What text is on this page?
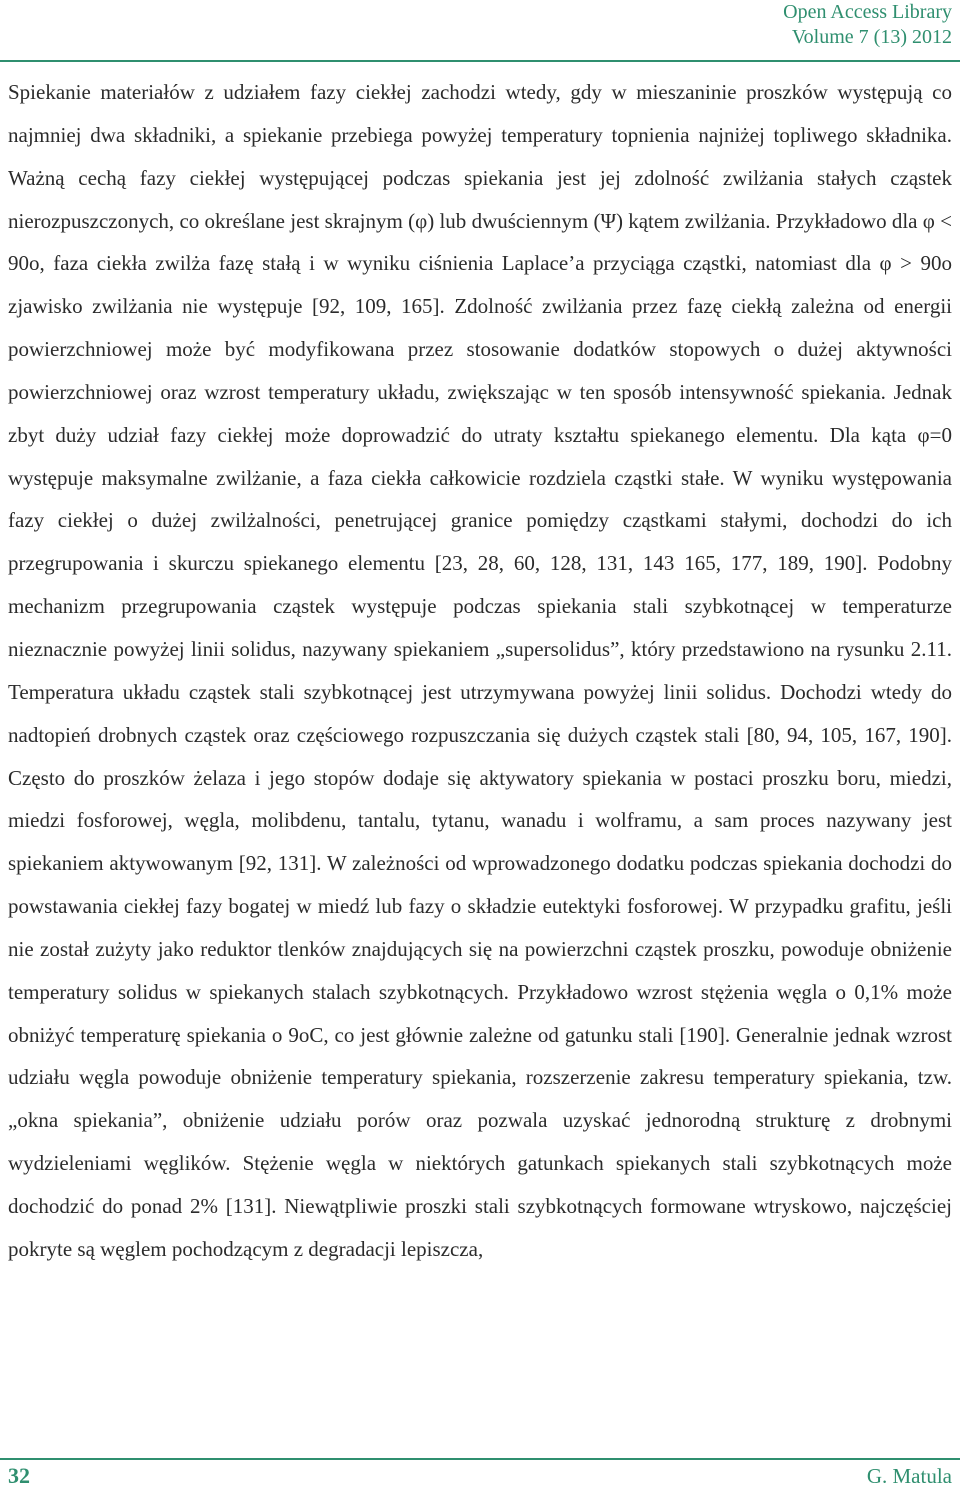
Open Access Library
Volume 7 (13) 2012

Spiekanie materiałów z udziałem fazy ciekłej zachodzi wtedy, gdy w mieszaninie proszków występują co najmniej dwa składniki, a spiekanie przebiega powyżej temperatury topnienia najniżej topliwego składnika. Ważną cechą fazy ciekłej występującej podczas spiekania jest jej zdolność zwilżania stałych cząstek nierozpuszczonych, co określane jest skrajnym (φ) lub dwuściennym (Ψ) kątem zwilżania. Przykładowo dla φ < 90o, faza ciekła zwilża fazę stałą i w wyniku ciśnienia Laplace’a przyciąga cząstki, natomiast dla φ > 90o zjawisko zwilżania nie występuje [92, 109, 165]. Zdolność zwilżania przez fazę ciekłą zależna od energii powierzchniowej może być modyfikowana przez stosowanie dodatków stopowych o dużej aktywności powierzchniowej oraz wzrost temperatury układu, zwiększając w ten sposób intensywność spiekania. Jednak zbyt duży udział fazy ciekłej może doprowadzić do utraty kształtu spiekanego elementu. Dla kąta φ=0 występuje maksymalne zwilżanie, a faza ciekła całkowicie rozdziela cząstki stałe. W wyniku występowania fazy ciekłej o dużej zwilżalności, penetrującej granice pomiędzy cząstkami stałymi, dochodzi do ich przegrupowania i skurczu spiekanego elementu [23, 28, 60, 128, 131, 143 165, 177, 189, 190]. Podobny mechanizm przegrupowania cząstek występuje podczas spiekania stali szybkotnącej w temperaturze nieznacznie powyżej linii solidus, nazywany spiekaniem „supersolidus”, który przedstawiono na rysunku 2.11. Temperatura układu cząstek stali szybkotnącej jest utrzymywana powyżej linii solidus. Dochodzi wtedy do nadtopień drobnych cząstek oraz częściowego rozpuszczania się dużych cząstek stali [80, 94, 105, 167, 190]. Często do proszków żelaza i jego stopów dodaje się aktywatory spiekania w postaci proszku boru, miedzi, miedzi fosforowej, węgla, molibdenu, tantalu, tytanu, wanadu i wolframu, a sam proces nazywany jest spiekaniem aktywowanym [92, 131]. W zależności od wprowadzonego dodatku podczas spiekania dochodzi do powstawania ciekłej fazy bogatej w miedź lub fazy o składzie eutektyki fosforowej. W przypadku grafitu, jeśli nie został zużyty jako reduktor tlenków znajdujących się na powierzchni cząstek proszku, powoduje obniżenie temperatury solidus w spiekanych stalach szybkotnących. Przykładowo wzrost stężenia węgla o 0,1% może obniżyć temperaturę spiekania o 9oC, co jest głównie zależne od gatunku stali [190]. Generalnie jednak wzrost udziału węgla powoduje obniżenie temperatury spiekania, rozszerzenie zakresu temperatury spiekania, tzw. „okna spiekania”, obniżenie udziału porów oraz pozwala uzyskać jednorodną strukturę z drobnymi wydzieleniami węglików. Stężenie węgla w niektórych gatunkach spiekanych stali szybkotnących może dochodzić do ponad 2% [131]. Niewątpliwie proszki stali szybkotnących formowane wtryskowo, najczęściej pokryte są węglem pochodzącym z degradacji lepiszcza,

32	G. Matula
